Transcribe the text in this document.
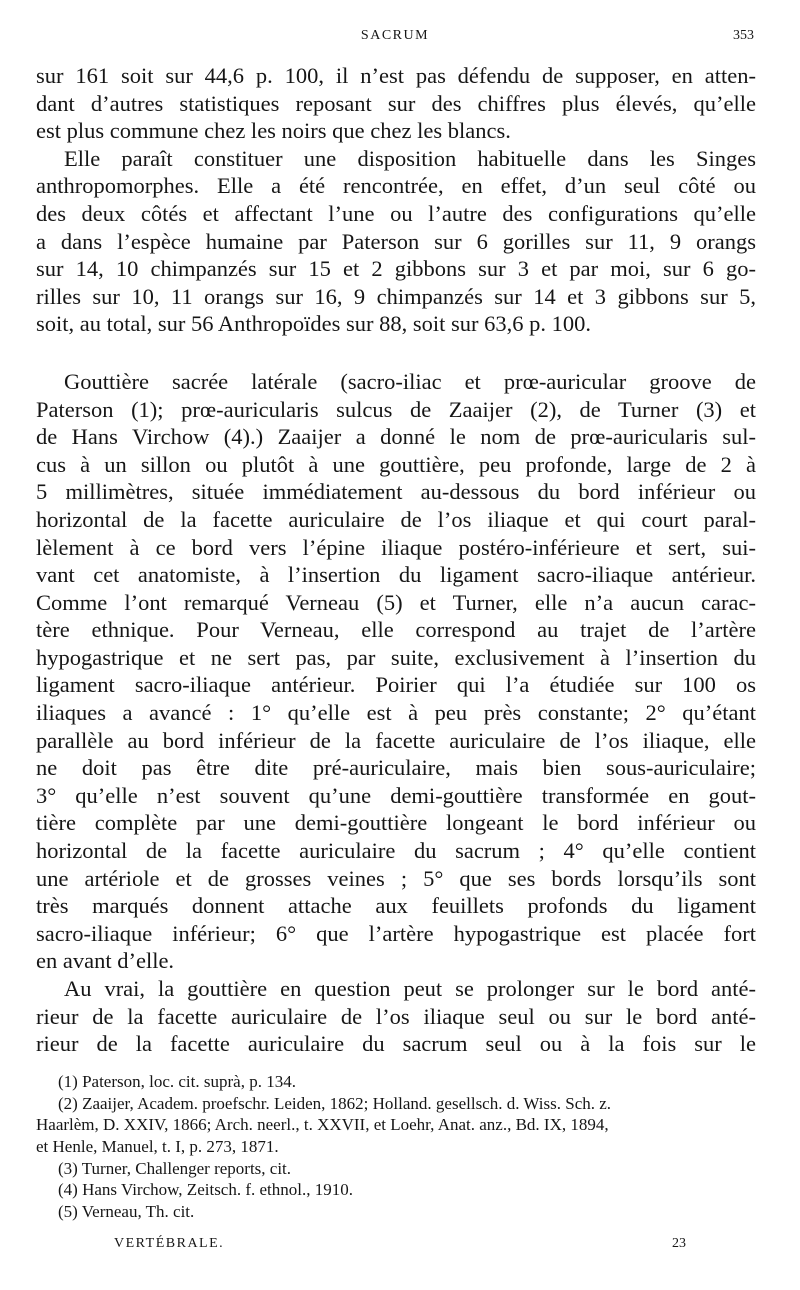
SACRUM	353
sur 161 soit sur 44,6 p. 100, il n’est pas défendu de supposer, en atten-
dant d’autres statistiques reposant sur des chiffres plus élevés, qu’elle
est plus commune chez les noirs que chez les blancs.
Elle paraît constituer une disposition habituelle dans les Singes
anthropomorphes. Elle a été rencontrée, en effet, d’un seul côté ou
des deux côtés et affectant l’une ou l’autre des configurations qu’elle
a dans l’espèce humaine par Paterson sur 6 gorilles sur 11, 9 orangs
sur 14, 10 chimpanzés sur 15 et 2 gibbons sur 3 et par moi, sur 6 go-
rilles sur 10, 11 orangs sur 16, 9 chimpanzés sur 14 et 3 gibbons sur 5,
soit, au total, sur 56 Anthropoïdes sur 88, soit sur 63,6 p. 100.
Gouttière sacrée latérale (sacro-iliac et prœ-auricular groove de
Paterson (1); prœ-auricularis sulcus de Zaaijer (2), de Turner (3) et
de Hans Virchow (4).) Zaaijer a donné le nom de prœ-auricularis sul-
cus à un sillon ou plutôt à une gouttière, peu profonde, large de 2 à
5 millimètres, située immédiatement au-dessous du bord inférieur ou
horizontal de la facette auriculaire de l’os iliaque et qui court paral-
lèlement à ce bord vers l’épine iliaque postéro-inférieure et sert, sui-
vant cet anatomiste, à l’insertion du ligament sacro-iliaque antérieur.
Comme l’ont remarqué Verneau (5) et Turner, elle n’a aucun carac-
tère ethnique. Pour Verneau, elle correspond au trajet de l’artère
hypogastrique et ne sert pas, par suite, exclusivement à l’insertion du
ligament sacro-iliaque antérieur. Poirier qui l’a étudiée sur 100 os
iliaques a avancé : 1° qu’elle est à peu près constante; 2° qu’étant
parallèle au bord inférieur de la facette auriculaire de l’os iliaque, elle
ne doit pas être dite pré-auriculaire, mais bien sous-auriculaire;
3° qu’elle n’est souvent qu’une demi-gouttière transformée en gout-
tière complète par une demi-gouttière longeant le bord inférieur ou
horizontal de la facette auriculaire du sacrum ; 4° qu’elle contient
une artériole et de grosses veines ; 5° que ses bords lorsqu’ils sont
très marqués donnent attache aux feuillets profonds du ligament
sacro-iliaque inférieur; 6° que l’artère hypogastrique est placée fort
en avant d’elle.
Au vrai, la gouttière en question peut se prolonger sur le bord anté-
rieur de la facette auriculaire de l’os iliaque seul ou sur le bord anté-
rieur de la facette auriculaire du sacrum seul ou à la fois sur le
(1) Paterson, loc. cit. suprà, p. 134.
(2) Zaaijer, Academ. proefschr. Leiden, 1862; Holland. gesellsch. d. Wiss. Sch. z.
Haarlèm, D. XXIV, 1866; Arch. neerl., t. XXVII, et Loehr, Anat. anz., Bd. IX, 1894,
et Henle, Manuel, t. I, p. 273, 1871.
(3) Turner, Challenger reports, cit.
(4) Hans Virchow, Zeitsch. f. ethnol., 1910.
(5) Verneau, Th. cit.
VERTÉBRALE.	23
